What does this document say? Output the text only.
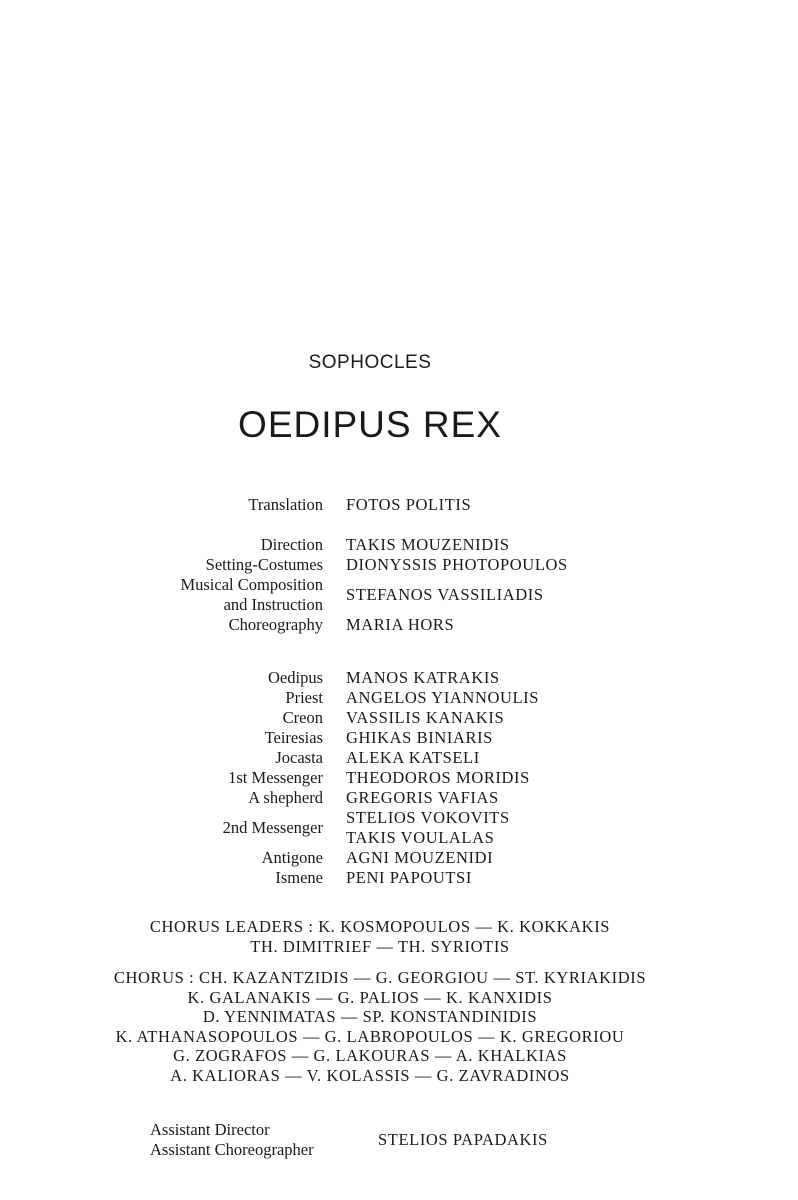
SOPHOCLES
OEDIPUS REX
Translation FOTOS POLITIS
Direction TAKIS MOUZENIDIS
Setting-Costumes DIONYSSIS PHOTOPOULOS
Musical Composition
and Instruction
STEFANOS VASSILIADIS
Choreography MARIA HORS
Oedipus MANOS KATRAKIS
Priest ANGELOS YIANNOULIS
Creon VASSILIS KANAKIS
Teiresias GHIKAS BINIARIS
Jocasta ALEKA KATSELI
1st Messenger THEODOROS MORIDIS
A shepherd GREGORIS VAFIAS
2nd Messenger
STELIOS VOKOVITS
TAKIS VOULALAS
Antigone AGNI MOUZENIDI
Ismene PENI PAPOUTSI
CHORUS LEADERS : K. KOSMOPOULOS — K. KOKKAKIS
TH. DIMITRIEF — TH. SYRIOTIS
CHORUS : CH. KAZANTZIDIS — G. GEORGIOU — ST. KYRIAKIDIS
K. GALANAKIS — G. PALIOS — K. KANXIDIS
D. YENNIMATAS — SP. KONSTANDINIDIS
K. ATHANASOPOULOS — G. LABROPOULOS — K. GREGORIOU
G. ZOGRAFOS — G. LAKOURAS — A. KHALKIAS
A. KALIORAS — V. KOLASSIS — G. ZAVRADINOS
Assistant Director
Assistant Choreographer
STELIOS PAPADAKIS
